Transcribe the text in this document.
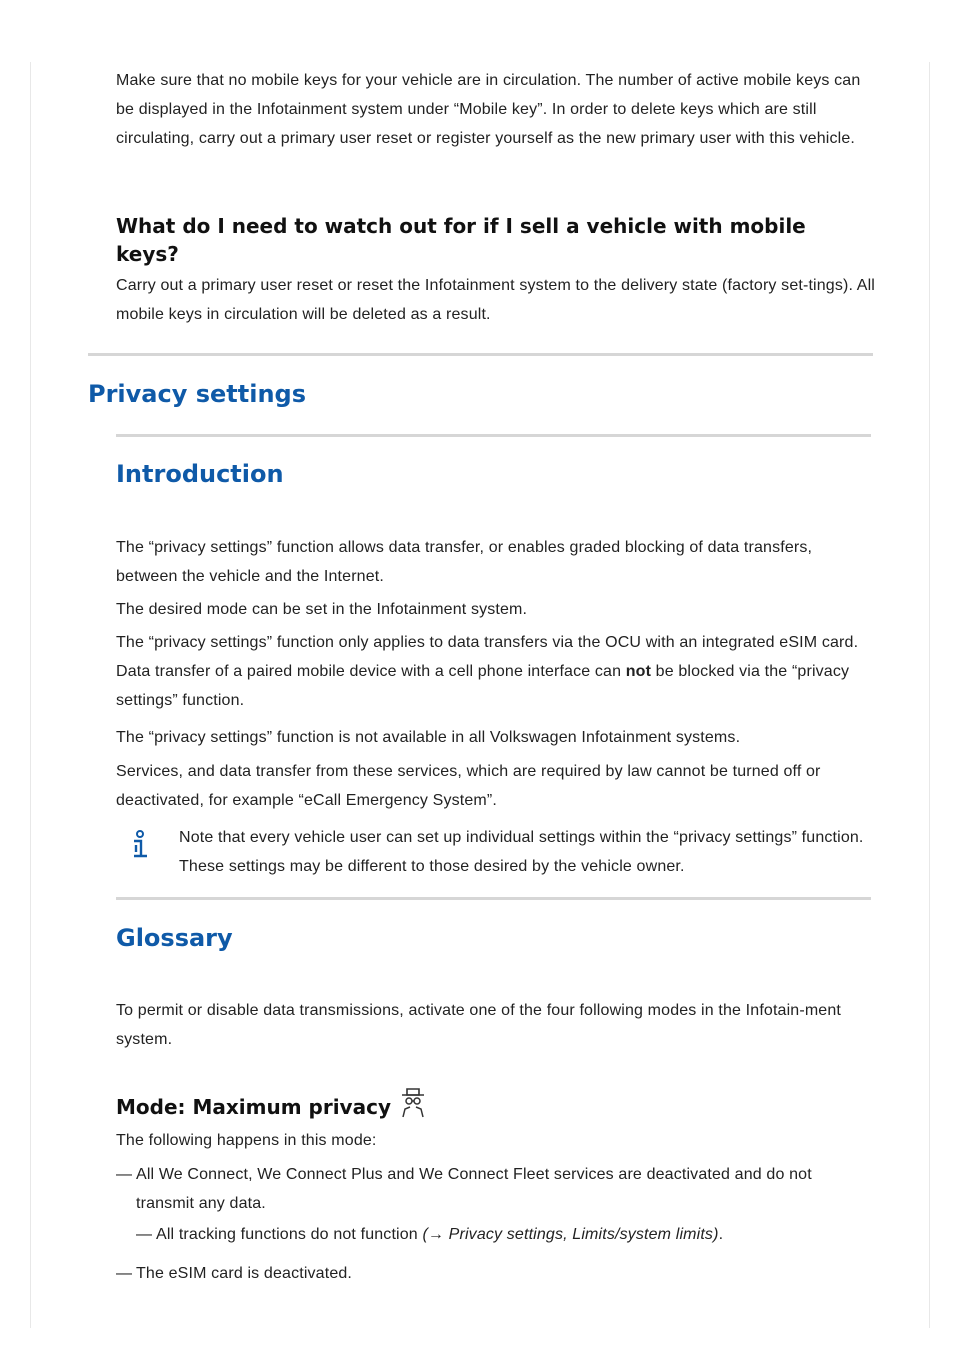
Make sure that no mobile keys for your vehicle are in circulation. The number of active mobile keys can be displayed in the Infotainment system under “Mobile key”. In order to delete keys which are still circulating, carry out a primary user reset or register yourself as the new primary user with this vehicle.

What do I need to watch out for if I sell a vehicle with mobile

keys?

Carry out a primary user reset or reset the Infotainment system to the delivery state (factory set-tings). All mobile keys in circulation will be deleted as a result.

Privacy settings

Introduction

The “privacy settings” function allows data transfer, or enables graded blocking of data transfers, between the vehicle and the Internet.

The desired mode can be set in the Infotainment system.

The “privacy settings” function only applies to data transfers via the OCU with an integrated eSIM card. Data transfer of a paired mobile device with a cell phone interface can not be blocked via the “privacy settings” function.

The “privacy settings” function is not available in all Volkswagen Infotainment systems.

Services, and data transfer from these services, which are required by law cannot be turned off or deactivated, for example “eCall Emergency System”.

Note that every vehicle user can set up individual settings within the “privacy settings” function. These settings may be different to those desired by the vehicle owner.

Glossary

To permit or disable data transmissions, activate one of the four following modes in the Infotain-ment system.

Mode: Maximum privacy

The following happens in this mode:

— All We Connect, We Connect Plus and We Connect Fleet services are deactivated and do not transmit any data.

— All tracking functions do not function (→ Privacy settings, Limits/system limits).

— The eSIM card is deactivated.
